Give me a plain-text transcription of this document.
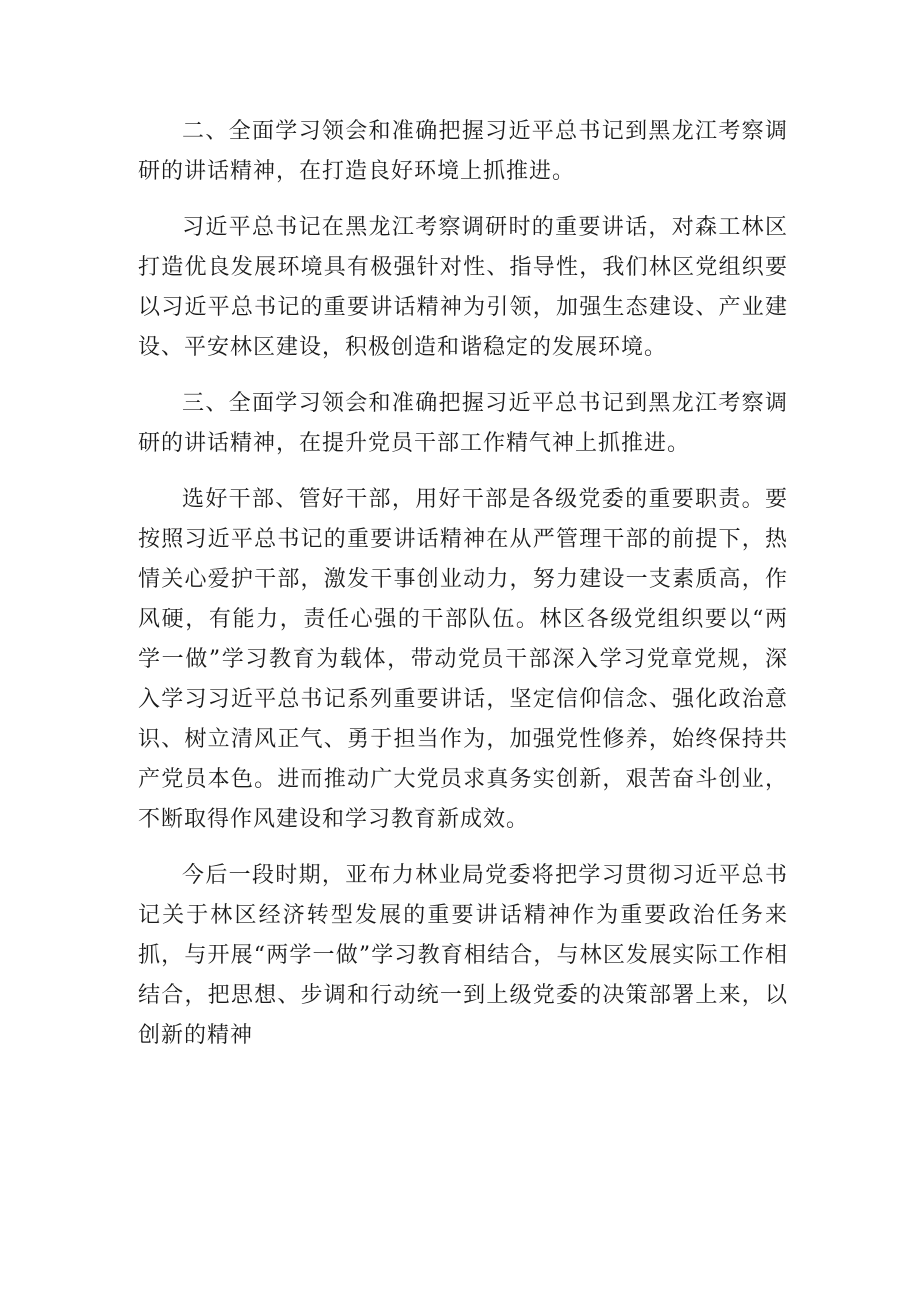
二、全面学习领会和准确把握习近平总书记到黑龙江考察调研的讲话精神，在打造良好环境上抓推进。

习近平总书记在黑龙江考察调研时的重要讲话，对森工林区打造优良发展环境具有极强针对性、指导性，我们林区党组织要以习近平总书记的重要讲话精神为引领，加强生态建设、产业建设、平安林区建设，积极创造和谐稳定的发展环境。

三、全面学习领会和准确把握习近平总书记到黑龙江考察调研的讲话精神，在提升党员干部工作精气神上抓推进。

选好干部、管好干部，用好干部是各级党委的重要职责。要按照习近平总书记的重要讲话精神在从严管理干部的前提下，热情关心爱护干部，激发干事创业动力，努力建设一支素质高，作风硬，有能力，责任心强的干部队伍。林区各级党组织要以“两学一做”学习教育为载体，带动党员干部深入学习党章党规，深入学习习近平总书记系列重要讲话，坚定信仰信念、强化政治意识、树立清风正气、勇于担当作为，加强党性修养，始终保持共产党员本色。进而推动广大党员求真务实创新，艰苦奋斗创业，不断取得作风建设和学习教育新成效。

今后一段时期，亚布力林业局党委将把学习贯彻习近平总书记关于林区经济转型发展的重要讲话精神作为重要政治任务来抓，与开展“两学一做”学习教育相结合，与林区发展实际工作相结合，把思想、步调和行动统一到上级党委的决策部署上来，以创新的精神
